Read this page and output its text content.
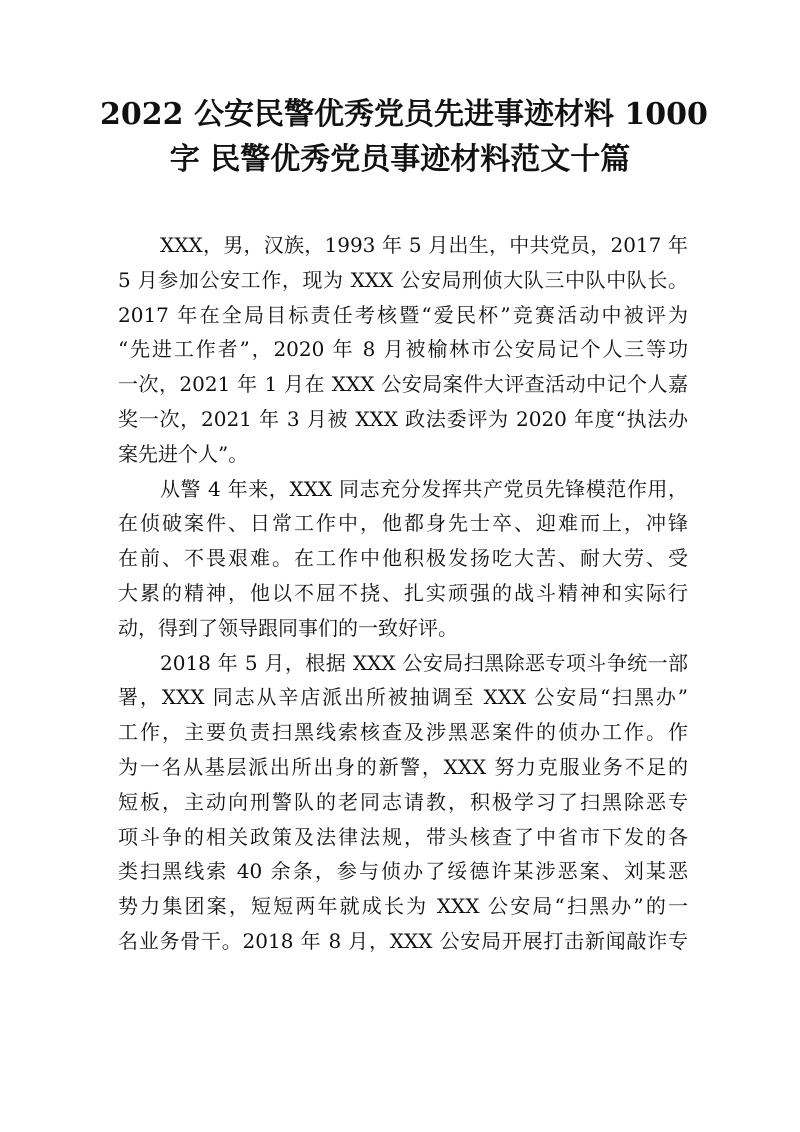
2022 公安民警优秀党员先进事迹材料 1000
字 民警优秀党员事迹材料范文十篇

XXX，男，汉族，1993 年 5 月出生，中共党员，2017 年
5 月参加公安工作，现为 XXX 公安局刑侦大队三中队中队长。
2017 年在全局目标责任考核暨“爱民杯”竞赛活动中被评为
“先进工作者”，2020 年 8 月被榆林市公安局记个人三等功
一次，2021 年 1 月在 XXX 公安局案件大评查活动中记个人嘉
奖一次，2021 年 3 月被 XXX 政法委评为 2020 年度“执法办
案先进个人”。

从警 4 年来，XXX 同志充分发挥共产党员先锋模范作用，
在侦破案件、日常工作中，他都身先士卒、迎难而上，冲锋
在前、不畏艰难。在工作中他积极发扬吃大苦、耐大劳、受
大累的精神，他以不屈不挠、扎实顽强的战斗精神和实际行
动，得到了领导跟同事们的一致好评。

2018 年 5 月，根据 XXX 公安局扫黑除恶专项斗争统一部
署，XXX 同志从辛店派出所被抽调至 XXX 公安局“扫黑办”
工作，主要负责扫黑线索核查及涉黑恶案件的侦办工作。作
为一名从基层派出所出身的新警，XXX 努力克服业务不足的
短板，主动向刑警队的老同志请教，积极学习了扫黑除恶专
项斗争的相关政策及法律法规，带头核查了中省市下发的各
类扫黑线索 40 余条，参与侦办了绥德许某涉恶案、刘某恶
势力集团案，短短两年就成长为 XXX 公安局“扫黑办”的一
名业务骨干。2018 年 8 月，XXX 公安局开展打击新闻敲诈专
